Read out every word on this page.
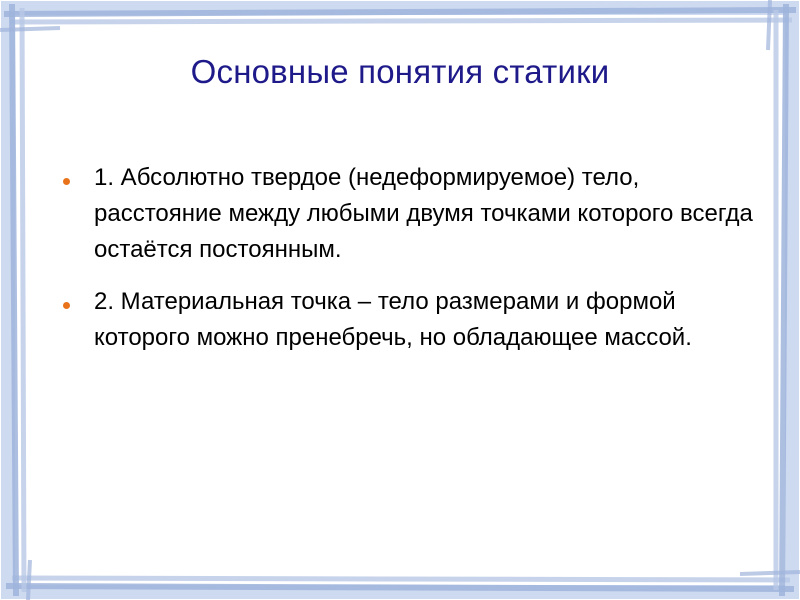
Основные понятия статики
1. Абсолютно твердое (недеформируемое) тело, расстояние между любыми двумя точками которого всегда остаётся постоянным.
2. Материальная точка – тело размерами и формой которого можно пренебречь, но обладающее массой.
